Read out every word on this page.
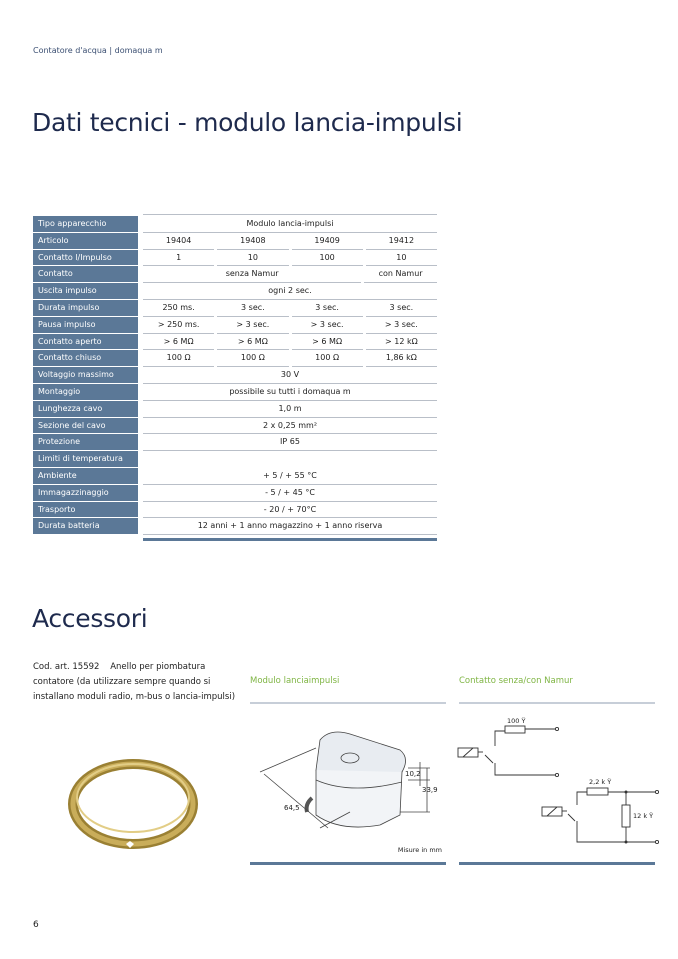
Contatore d'acqua | domaqua m
Dati tecnici - modulo lancia-impulsi
Tipo apparecchio	Modulo lancia-impulsi
Articolo	19404	19408	19409	19412
Contatto l/Impulso	1	10	100	10
Contatto	senza Namur	con Namur
Uscita impulso	ogni 2 sec.
Durata impulso	250 ms.	3 sec.	3 sec.	3 sec.
Pausa impulso	> 250 ms.	> 3 sec.	> 3 sec.	> 3 sec.
Contatto aperto	> 6 MΩ	> 6 MΩ	> 6 MΩ	> 12 kΩ
Contatto chiuso	100 Ω	100 Ω	100 Ω	1,86 kΩ
Voltaggio massimo	30 V
Montaggio	possibile su tutti i domaqua m
Lunghezza cavo	1,0 m
Sezione del cavo	2 x 0,25 mm²
Protezione	IP 65
Limiti di temperatura
Ambiente	+ 5 / + 55 °C
Immagazzinaggio	- 5 / + 45 °C
Trasporto	- 20 / + 70°C
Durata batteria	12 anni + 1 anno magazzino + 1 anno riserva
Accessori
Cod. art. 15592 Anello per piombatura contatore (da utilizzare sempre quando si installano moduli radio, m-bus o lancia-impulsi)
Modulo lanciaimpulsi	Contatto senza/con Namur
64,5
10,2
33,9
Misure in mm
100 Ÿ
2,2 k Ÿ
12 k Ÿ
6
